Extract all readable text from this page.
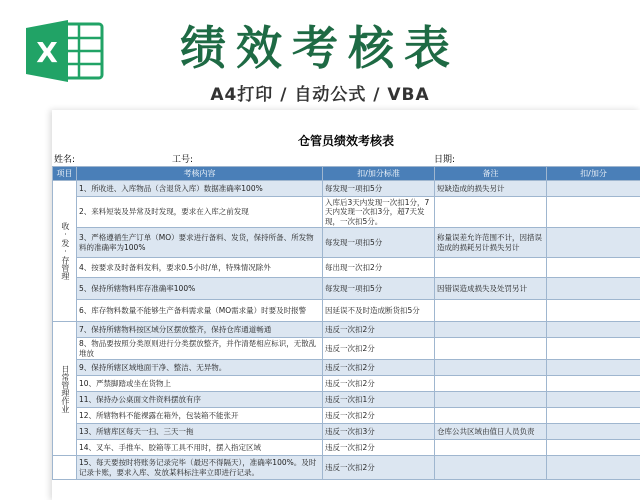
X	绩效考核表
A4打印 / 自动公式 / VBA
仓管员绩效考核表
姓名:	工号:	日期:
项目	考核内容	扣/加分标准	备注	扣/加分
收·发·存管理	1、所收进、入库物品（含退货入库）数据准确率100%	每发现一项扣5分	短缺造成的损失另计	
	2、来料短装及异常及时发现，要求在入库之前发现	入库后3天内发现一次扣1分，7天内发现一次扣3分，超7天发现，一次扣5分。		
	3、严格遵循生产订单（MO）要求进行备料、发货，保持所备、所发物料的准确率为100%	每发现一项扣5分	称量误差允许范围不计，因措误造成的损耗另计损失另计	
	4、按要求及时备料发料，要求0.5小时/单，特殊情况除外	每出现一次扣2分		
	5、保持所辖物料库存准确率100%	每发现一项扣5分	因错误造成损失及处罚另计	
	6、库存物料数量不能够生产备料需求量（MO需求量）时要及时报警	因延误不及时造成断货扣5分		
日常管理作业	7、保持所辖物料按区域分区摆放整齐，保持仓库通道畅通	违反一次扣2分		
	8、物品要按照分类原则进行分类摆放整齐，并作清楚相应标识，无散乱堆放	违反一次扣2分		
	9、保持所辖区域地面干净、整洁、无异物。	违反一次扣2分		
	10、严禁脚踏或坐在货物上	违反一次扣2分		
	11、保持办公桌面文件资料摆放有序	违反一次扣1分		
	12、所辖物料不能裸露在箱外，包装箱不能张开	违反一次扣2分		
	13、所辖库区每天一扫、三天一拖	违反一次扣3分	仓库公共区域由值日人员负责	
	14、叉车、手推车、胶箱等工具不用时，摆入指定区域	违反一次扣2分		
	15、每天要按时将账务记录完毕（最迟不得隔天），准确率100%。及时记录卡账，要求入库、发放某料标注率立即进行记录。	违反一次扣2分		
